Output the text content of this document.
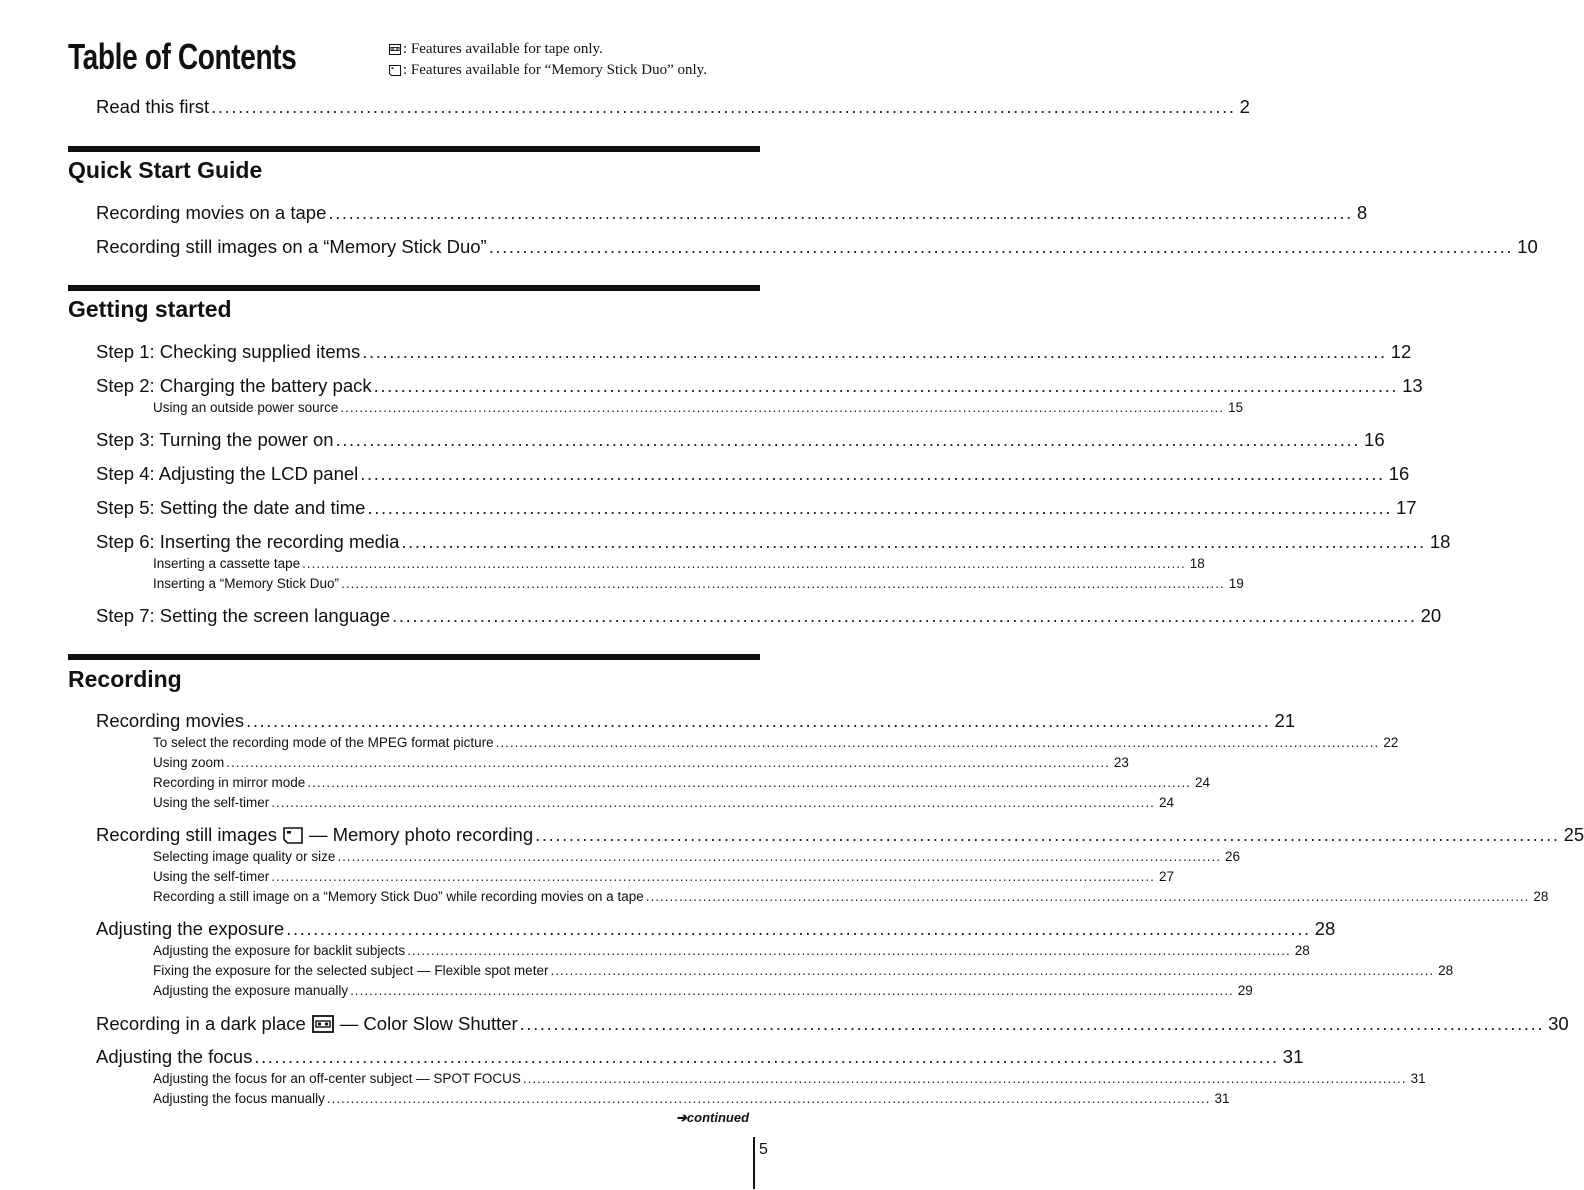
Table of Contents	: Features available for tape only.
: Features available for “Memory Stick Duo” only.
Read this first ........................................................................................................................................................ 2
Quick Start Guide
Recording movies on a tape ........................................................................................................................................................ 8
Recording still images on a “Memory Stick Duo” ........................................................................................................................................................ 10
Getting started
Step 1: Checking supplied items ........................................................................................................................................................ 12
Step 2: Charging the battery pack ........................................................................................................................................................ 13
Using an outside power source .......................................................................................................................................................................................... 15
Step 3: Turning the power on ........................................................................................................................................................ 16
Step 4: Adjusting the LCD panel ........................................................................................................................................................ 16
Step 5: Setting the date and time ........................................................................................................................................................ 17
Step 6: Inserting the recording media ........................................................................................................................................................ 18
Inserting a cassette tape .......................................................................................................................................................................................... 18
Inserting a “Memory Stick Duo” .......................................................................................................................................................................................... 19
Step 7: Setting the screen language ........................................................................................................................................................ 20
Recording
Recording movies ........................................................................................................................................................ 21
To select the recording mode of the MPEG format picture .......................................................................................................................................................................................... 22
Using zoom .......................................................................................................................................................................................... 23
Recording in mirror mode .......................................................................................................................................................................................... 24
Using the self-timer .......................................................................................................................................................................................... 24
Recording still images — Memory photo recording ........................................................................................................................................................ 25
Selecting image quality or size .......................................................................................................................................................................................... 26
Using the self-timer .......................................................................................................................................................................................... 27
Recording a still image on a “Memory Stick Duo” while recording movies on a tape .......................................................................................................................................................................................... 28
Adjusting the exposure ........................................................................................................................................................ 28
Adjusting the exposure for backlit subjects .......................................................................................................................................................................................... 28
Fixing the exposure for the selected subject — Flexible spot meter .......................................................................................................................................................................................... 28
Adjusting the exposure manually .......................................................................................................................................................................................... 29
Recording in a dark place — Color Slow Shutter ........................................................................................................................................................ 30
Adjusting the focus ........................................................................................................................................................ 31
Adjusting the focus for an off-center subject — SPOT FOCUS .......................................................................................................................................................................................... 31
Adjusting the focus manually .......................................................................................................................................................................................... 31
➔continued
5
